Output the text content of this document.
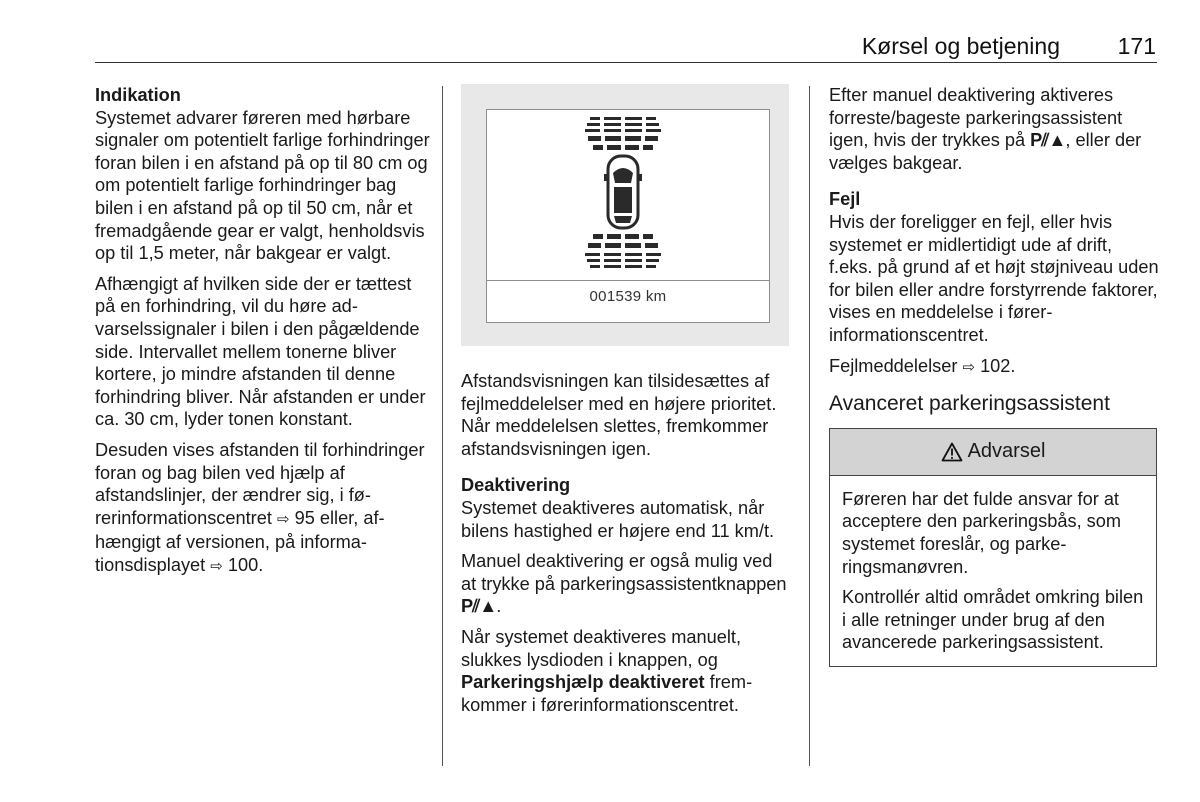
Kørsel og betjening	171

Indikation

Systemet advarer føreren med hørbare signaler om potentielt farlige forhindringer foran bilen i en afstand på op til 80 cm og om potentielt farlige forhindringer bag bilen i en afstand på op til 50 cm, når et fremadgående gear er valgt, henholdsvis op til 1,5 meter, når bakgear er valgt.

Afhængigt af hvilken side der er tættest på en forhindring, vil du høre advarselssignaler i bilen i den pågældende side. Intervallet mellem tonerne bliver kortere, jo mindre afstanden til denne forhindring bliver. Når afstanden er under ca. 30 cm, lyder tonen konstant.

Desuden vises afstanden til forhindringer foran og bag bilen ved hjælp af afstandslinjer, der ændrer sig, i førerinformationscentret ⇨ 95 eller, afhængigt af versionen, på informationsdisplayet ⇨ 100.

001539 km

Afstandsvisningen kan tilsidesættes af fejlmeddelelser med en højere prioritet. Når meddelelsen slettes, fremkommer afstandsvisningen igen.

Deaktivering

Systemet deaktiveres automatisk, når bilens hastighed er højere end 11 km/t.

Manuel deaktivering er også mulig ved at trykke på parkeringsassistentknappen P⫽▲.

Når systemet deaktiveres manuelt, slukkes lysdioden i knappen, og Parkeringshjælp deaktiveret fremkommer i førerinformationscentret.

Efter manuel deaktivering aktiveres forreste/bageste parkeringsassistent igen, hvis der trykkes på P⫽▲, eller der vælges bakgear.

Fejl

Hvis der foreligger en fejl, eller hvis systemet er midlertidigt ude af drift, f.eks. på grund af et højt støjniveau uden for bilen eller andre forstyrrende faktorer, vises en meddelelse i førerinformationscentret.

Fejlmeddelelser ⇨ 102.

Avanceret parkeringsassistent
Advarsel

Føreren har det fulde ansvar for at acceptere den parkeringsbås, som systemet foreslår, og parkeringsmanøvren.

Kontrollér altid området omkring bilen i alle retninger under brug af den avancerede parkeringsassistent.
